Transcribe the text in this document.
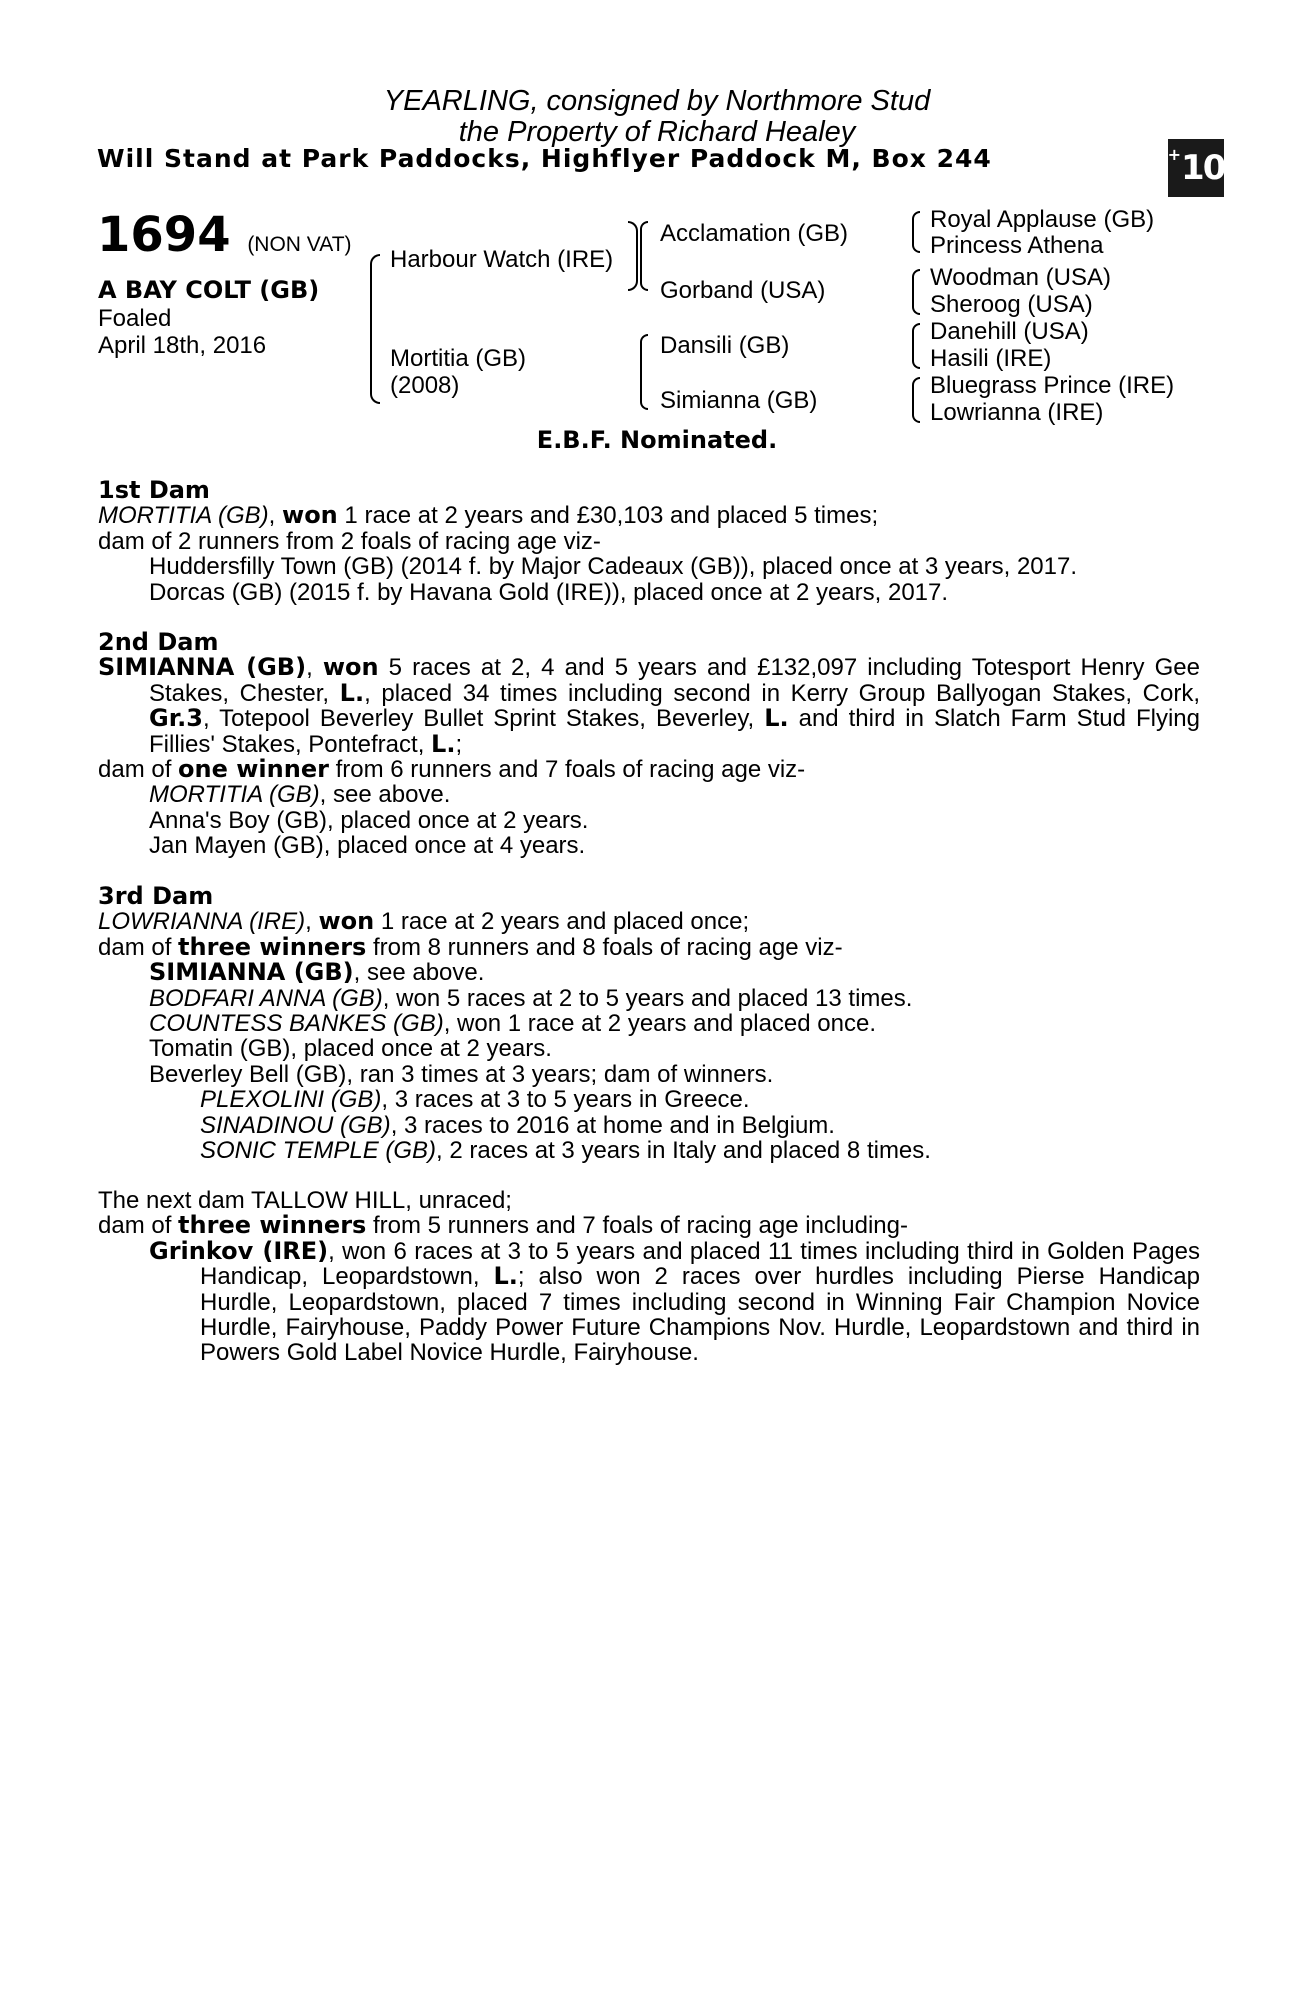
YEARLING, consigned by Northmore Stud
the Property of Richard Healey
Will Stand at Park Paddocks, Highflyer Paddock M, Box 244	+ 10
1694 (NON VAT)
A BAY COLT (GB)
Foaled
April 18th, 2016
Harbour Watch (IRE)
Mortitia (GB)
(2008)
Acclamation (GB)
Gorband (USA)
Dansili (GB)
Simianna (GB)
Royal Applause (GB)
Princess Athena
Woodman (USA)
Sheroog (USA)
Danehill (USA)
Hasili (IRE)
Bluegrass Prince (IRE)
Lowrianna (IRE)
E.B.F. Nominated.

1st Dam

MORTITIA (GB), won 1 race at 2 years and £30,103 and placed 5 times;

dam of 2 runners from 2 foals of racing age viz-

Huddersfilly Town (GB) (2014 f. by Major Cadeaux (GB)), placed once at 3 years, 2017.

Dorcas (GB) (2015 f. by Havana Gold (IRE)), placed once at 2 years, 2017.

2nd Dam

SIMIANNA (GB), won 5 races at 2, 4 and 5 years and £132,097 including Totesport Henry Gee Stakes, Chester, L., placed 34 times including second in Kerry Group Ballyogan Stakes, Cork, Gr.3, Totepool Beverley Bullet Sprint Stakes, Beverley, L. and third in Slatch Farm Stud Flying Fillies' Stakes, Pontefract, L.;

dam of one winner from 6 runners and 7 foals of racing age viz-

MORTITIA (GB), see above.

Anna's Boy (GB), placed once at 2 years.

Jan Mayen (GB), placed once at 4 years.

3rd Dam

LOWRIANNA (IRE), won 1 race at 2 years and placed once;

dam of three winners from 8 runners and 8 foals of racing age viz-

SIMIANNA (GB), see above.

BODFARI ANNA (GB), won 5 races at 2 to 5 years and placed 13 times.

COUNTESS BANKES (GB), won 1 race at 2 years and placed once.

Tomatin (GB), placed once at 2 years.

Beverley Bell (GB), ran 3 times at 3 years; dam of winners.

PLEXOLINI (GB), 3 races at 3 to 5 years in Greece.

SINADINOU (GB), 3 races to 2016 at home and in Belgium.

SONIC TEMPLE (GB), 2 races at 3 years in Italy and placed 8 times.

The next dam TALLOW HILL, unraced;

dam of three winners from 5 runners and 7 foals of racing age including-

Grinkov (IRE), won 6 races at 3 to 5 years and placed 11 times including third in Golden Pages Handicap, Leopardstown, L.; also won 2 races over hurdles including Pierse Handicap Hurdle, Leopardstown, placed 7 times including second in Winning Fair Champion Novice Hurdle, Fairyhouse, Paddy Power Future Champions Nov. Hurdle, Leopardstown and third in Powers Gold Label Novice Hurdle, Fairyhouse.
